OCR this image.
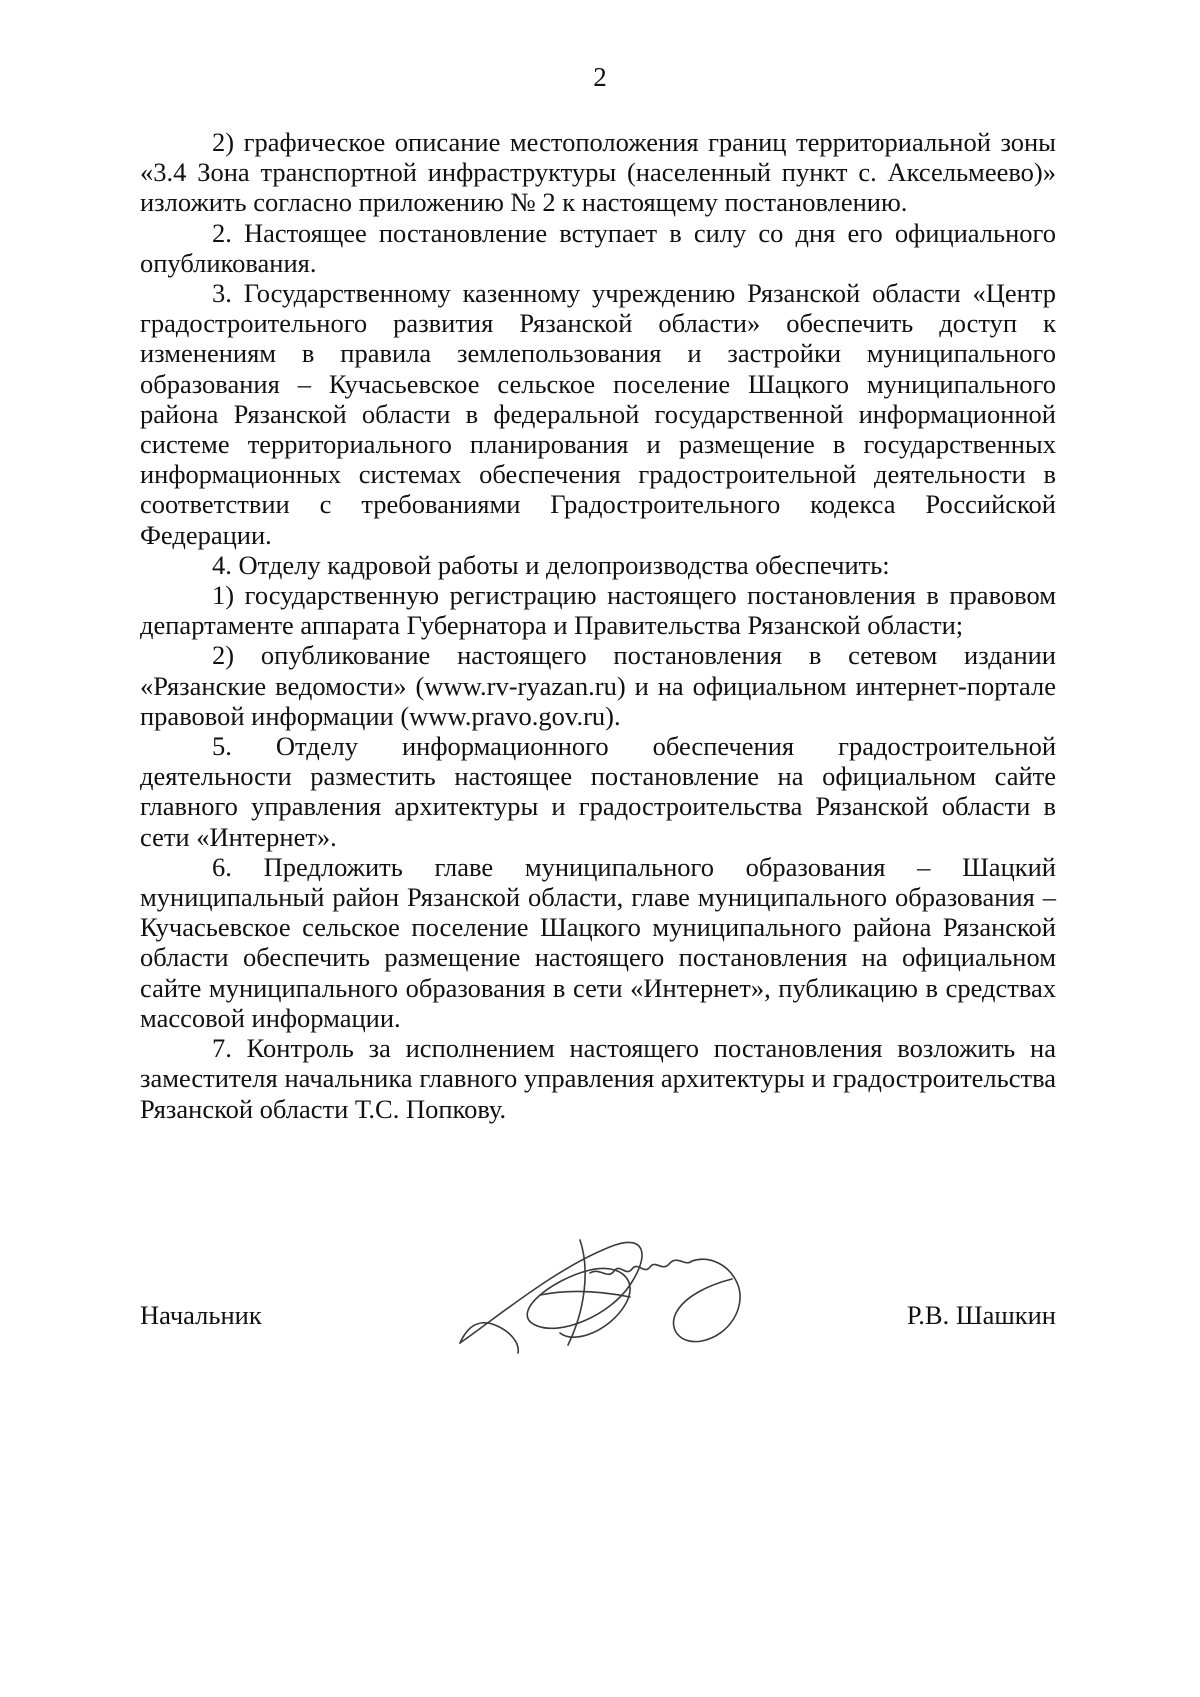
2

2) графическое описание местоположения границ территориальной зоны «3.4 Зона транспортной инфраструктуры (населенный пункт с. Аксельмеево)» изложить согласно приложению № 2 к настоящему постановлению.

2. Настоящее постановление вступает в силу со дня его официального опубликования.

3. Государственному казенному учреждению Рязанской области «Центр градостроительного развития Рязанской области» обеспечить доступ к изменениям в правила землепользования и застройки муниципального образования – Кучасьевское сельское поселение Шацкого муниципального района Рязанской области в федеральной государственной информационной системе территориального планирования и размещение в государственных информационных системах обеспечения градостроительной деятельности в соответствии с требованиями Градостроительного кодекса Российской Федерации.

4. Отделу кадровой работы и делопроизводства обеспечить:

1) государственную регистрацию настоящего постановления в правовом департаменте аппарата Губернатора и Правительства Рязанской области;

2) опубликование настоящего постановления в сетевом издании «Рязанские ведомости» (www.rv-ryazan.ru) и на официальном интернет-портале правовой информации (www.pravo.gov.ru).

5. Отделу информационного обеспечения градостроительной деятельности разместить настоящее постановление на официальном сайте главного управления архитектуры и градостроительства Рязанской области в сети «Интернет».

6. Предложить главе муниципального образования – Шацкий муниципальный район Рязанской области, главе муниципального образования – Кучасьевское сельское поселение Шацкого муниципального района Рязанской области обеспечить размещение настоящего постановления на официальном сайте муниципального образования в сети «Интернет», публикацию в средствах массовой информации.

7. Контроль за исполнением настоящего постановления возложить на заместителя начальника главного управления архитектуры и градостроительства Рязанской области Т.С. Попкову.

Начальник	Р.В. Шашкин
